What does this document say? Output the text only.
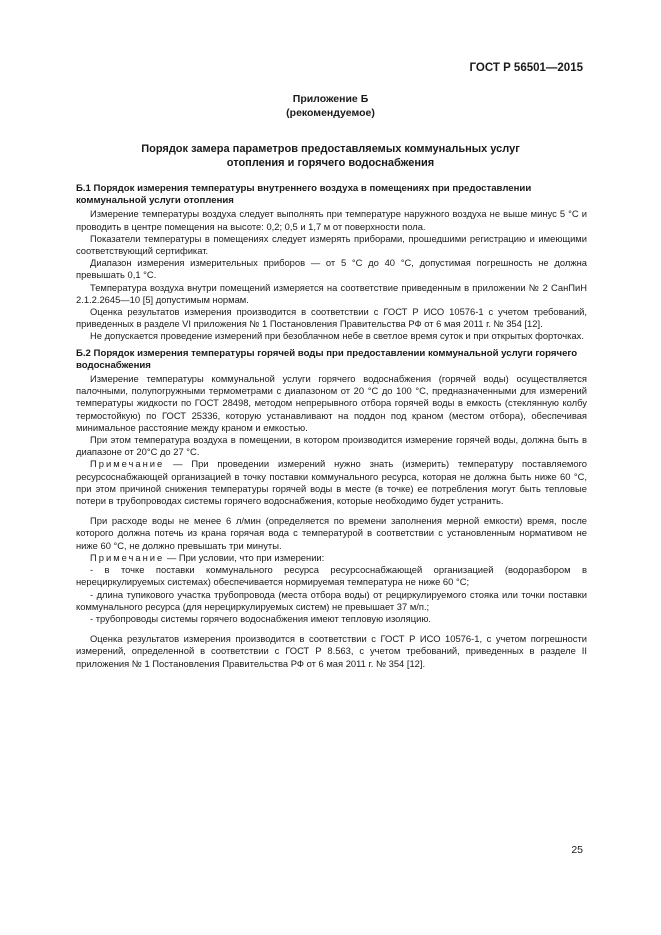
ГОСТ Р 56501—2015
Приложение Б
(рекомендуемое)
Порядок замера параметров предоставляемых коммунальных услуг
отопления и горячего водоснабжения
Б.1 Порядок измерения температуры внутреннего воздуха в помещениях при предоставлении коммунальной услуги отопления

Измерение температуры воздуха следует выполнять при температуре наружного воздуха не выше минус 5 °С и проводить в центре помещения на высоте: 0,2; 0,5 и 1,7 м от поверхности пола.

Показатели температуры в помещениях следует измерять приборами, прошедшими регистрацию и имеющими соответствующий сертификат.

Диапазон измерения измерительных приборов — от 5 °С до 40 °С, допустимая погрешность не должна превышать 0,1 °С.

Температура воздуха внутри помещений измеряется на соответствие приведенным в приложении № 2 СанПиН 2.1.2.2645—10 [5] допустимым нормам.

Оценка результатов измерения производится в соответствии с ГОСТ Р ИСО 10576-1 с учетом требований, приведенных в разделе VI приложения № 1 Постановления Правительства РФ от 6 мая 2011 г. № 354 [12].

Не допускается проведение измерений при безоблачном небе в светлое время суток и при открытых форточках.

Б.2 Порядок измерения температуры горячей воды при предоставлении коммунальной услуги горячего водоснабжения

Измерение температуры коммунальной услуги горячего водоснабжения (горячей воды) осуществляется палочными, полупогружными термометрами с диапазоном от 20 °С до 100 °С, предназначенными для измерений температуры жидкости по ГОСТ 28498, методом непрерывного отбора горячей воды в емкость (стеклянную колбу термостойкую) по ГОСТ 25336, которую устанавливают на поддон под краном (местом отбора), обеспечивая минимальное расстояние между краном и емкостью.

При этом температура воздуха в помещении, в котором производится измерение горячей воды, должна быть в диапазоне от 20°С до 27 °С.

Примечание — При проведении измерений нужно знать (измерить) температуру поставляемого ресурсоснабжающей организацией в точку поставки коммунального ресурса, которая не должна быть ниже 60 °С, при этом причиной снижения температуры горячей воды в месте (в точке) ее потребления могут быть тепловые потери в трубопроводах системы горячего водоснабжения, которые необходимо будет устранить.

При расходе воды не менее 6 л/мин (определяется по времени заполнения мерной емкости) время, после которого должна потечь из крана горячая вода с температурой в соответствии с установленным нормативом не ниже 60 °С, не должно превышать три минуты.

Примечание — При условии, что при измерении:

- в точке поставки коммунального ресурса ресурсоснабжающей организацией (водоразбором в нерециркулируемых системах) обеспечивается нормируемая температура не ниже 60 °С;

- длина тупикового участка трубопровода (места отбора воды) от рециркулируемого стояка или точки поставки коммунального ресурса (для нерециркулируемых систем) не превышает 37 м/п.;

- трубопроводы системы горячего водоснабжения имеют тепловую изоляцию.

Оценка результатов измерения производится в соответствии с ГОСТ Р ИСО 10576-1, с учетом погрешности измерений, определенной в соответствии с ГОСТ Р 8.563, с учетом требований, приведенных в разделе II приложения № 1 Постановления Правительства РФ от 6 мая 2011 г. № 354 [12].

25
